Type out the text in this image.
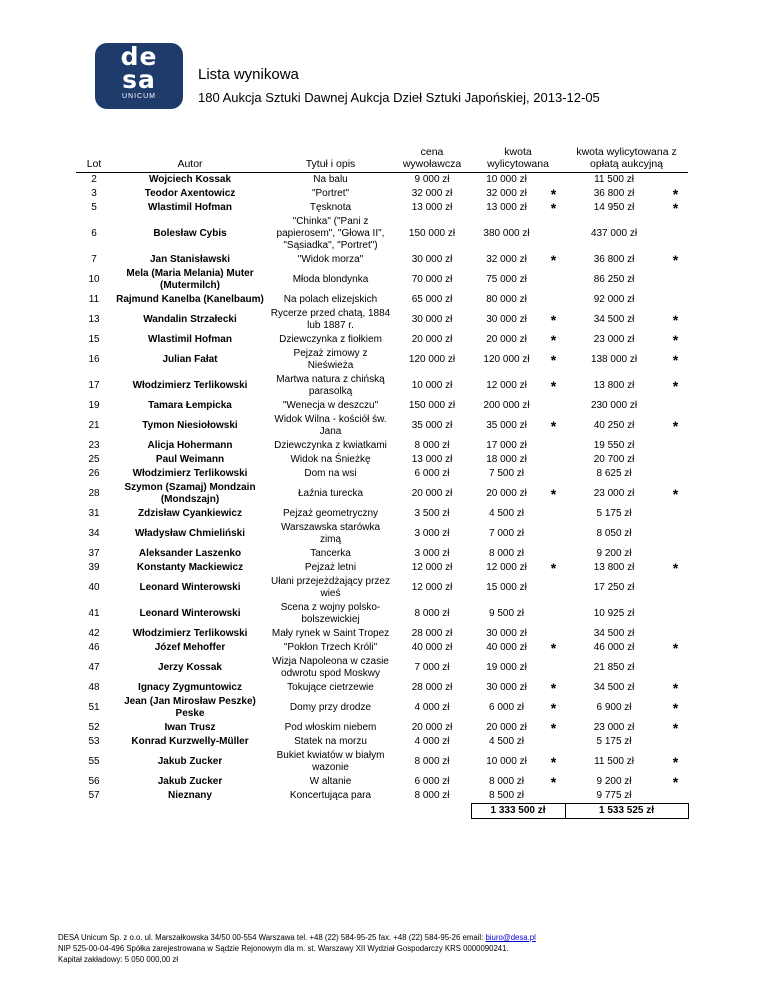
de
sa
UNICUM
Lista wynikowa
180 Aukcja Sztuki Dawnej Aukcja Dzieł Sztuki Japońskiej, 2013-12-05
Lot	Autor	Tytuł i opis	cena wywoławcza	kwota wylicytowana		kwota wylicytowana z opłatą aukcyjną	
2	Wojciech Kossak	Na balu	9 000 zł	10 000 zł		11 500 zł	
3	Teodor Axentowicz	"Portret"	32 000 zł	32 000 zł	*	36 800 zł	*
5	Wlastimil Hofman	Tęsknota	13 000 zł	13 000 zł	*	14 950 zł	*
6	Bolesław Cybis	"Chinka" ("Pani z papierosem", "Głowa II", "Sąsiadka", "Portret")	150 000 zł	380 000 zł		437 000 zł	
7	Jan Stanisławski	"Widok morza"	30 000 zł	32 000 zł	*	36 800 zł	*
10	Mela (Maria Melania) Muter (Mutermilch)	Młoda blondynka	70 000 zł	75 000 zł		86 250 zł	
11	Rajmund Kanelba (Kanelbaum)	Na polach elizejskich	65 000 zł	80 000 zł		92 000 zł	
13	Wandalin Strzałecki	Rycerze przed chatą, 1884 lub 1887 r.	30 000 zł	30 000 zł	*	34 500 zł	*
15	Wlastimil Hofman	Dziewczynka z fiołkiem	20 000 zł	20 000 zł	*	23 000 zł	*
16	Julian Fałat	Pejzaż zimowy z Nieświeża	120 000 zł	120 000 zł	*	138 000 zł	*
17	Włodzimierz Terlikowski	Martwa natura z chińską parasolką	10 000 zł	12 000 zł	*	13 800 zł	*
19	Tamara Łempicka	"Wenecja w deszczu"	150 000 zł	200 000 zł		230 000 zł	
21	Tymon Niesiołowski	Widok Wilna - kościół św. Jana	35 000 zł	35 000 zł	*	40 250 zł	*
23	Alicja Hohermann	Dziewczynka z kwiatkami	8 000 zł	17 000 zł		19 550 zł	
25	Paul Weimann	Widok na Śnieżkę	13 000 zł	18 000 zł		20 700 zł	
26	Włodzimierz Terlikowski	Dom na wsi	6 000 zł	7 500 zł		8 625 zł	
28	Szymon (Szamaj) Mondzain (Mondszajn)	Łaźnia turecka	20 000 zł	20 000 zł	*	23 000 zł	*
31	Zdzisław Cyankiewicz	Pejzaż geometryczny	3 500 zł	4 500 zł		5 175 zł	
34	Władysław Chmieliński	Warszawska starówka zimą	3 000 zł	7 000 zł		8 050 zł	
37	Aleksander Laszenko	Tancerka	3 000 zł	8 000 zł		9 200 zł	
39	Konstanty Mackiewicz	Pejzaż letni	12 000 zł	12 000 zł	*	13 800 zł	*
40	Leonard Winterowski	Ułani przejeżdżający przez wieś	12 000 zł	15 000 zł		17 250 zł	
41	Leonard Winterowski	Scena z wojny polsko-bolszewickiej	8 000 zł	9 500 zł		10 925 zł	
42	Włodzimierz Terlikowski	Mały rynek w Saint Tropez	28 000 zł	30 000 zł		34 500 zł	
46	Józef Mehoffer	"Pokłon Trzech Króli"	40 000 zł	40 000 zł	*	46 000 zł	*
47	Jerzy Kossak	Wizja Napoleona w czasie odwrotu spod Moskwy	7 000 zł	19 000 zł		21 850 zł	
48	Ignacy Zygmuntowicz	Tokujące cietrzewie	28 000 zł	30 000 zł	*	34 500 zł	*
51	Jean (Jan Mirosław Peszke) Peske	Domy przy drodze	4 000 zł	6 000 zł	*	6 900 zł	*
52	Iwan Trusz	Pod włoskim niebem	20 000 zł	20 000 zł	*	23 000 zł	*
53	Konrad Kurzwelly-Müller	Statek na morzu	4 000 zł	4 500 zł		5 175 zł	
55	Jakub Zucker	Bukiet kwiatów w białym wazonie	8 000 zł	10 000 zł	*	11 500 zł	*
56	Jakub Zucker	W altanie	6 000 zł	8 000 zł	*	9 200 zł	*
57	Nieznany	Koncertująca para	8 000 zł	8 500 zł		9 775 zł	
				1 333 500 zł		1 533 525 zł	
DESA Unicum Sp. z o.o. ul. Marszałkowska 34/50 00-554 Warszawa tel. +48 (22) 584-95-25 fax. +48 (22) 584-95-26 email: biuro@desa.pl
NIP 525-00-04-496 Spółka zarejestrowana w Sądzie Rejonowym dla m. st. Warszawy XII Wydział Gospodarczy KRS 0000090241.
Kapitał zakładowy: 5 050 000,00 zł
